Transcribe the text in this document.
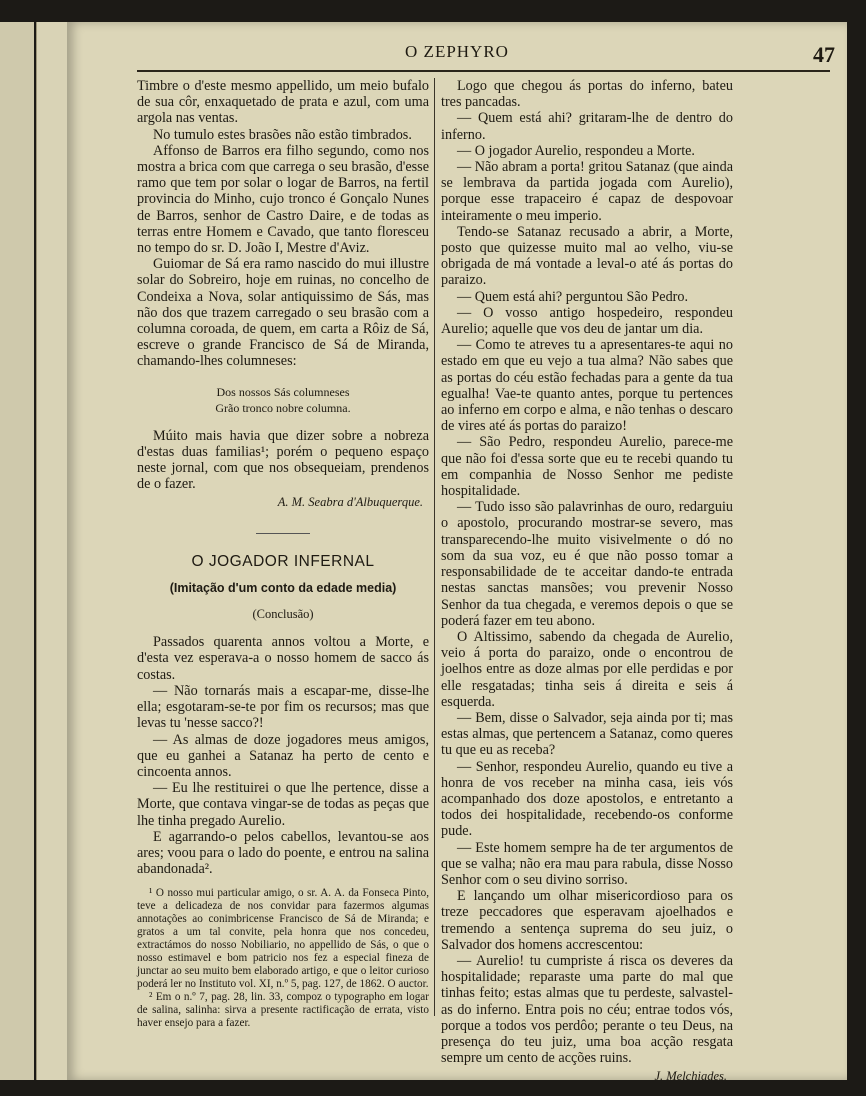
O ZEPHYRO	47

Timbre o d'este mesmo appellido, um meio bufalo de sua côr, enxaquetado de prata e azul, com uma argola nas ventas.

No tumulo estes brasões não estão timbrados.

Affonso de Barros era filho segundo, como nos mostra a brica com que carrega o seu brasão, d'esse ramo que tem por solar o logar de Barros, na fertil provincia do Minho, cujo tronco é Gonçalo Nunes de Barros, senhor de Castro Daire, e de todas as terras entre Homem e Cavado, que tanto floresceu no tempo do sr. D. João I, Mestre d'Aviz.

Guiomar de Sá era ramo nascido do mui illustre solar do Sobreiro, hoje em ruinas, no concelho de Condeixa a Nova, solar antiquissimo de Sás, mas não dos que trazem carregado o seu brasão com a columna coroada, de quem, em carta a Rôiz de Sá, escreve o grande Francisco de Sá de Miranda, chamando-lhes columneses:

Dos nossos Sás columneses
Grão tronco nobre columna.

Múito mais havia que dizer sobre a nobreza d'estas duas familias¹; porém o pequeno espaço neste jornal, com que nos obsequeiam, prendenos de o fazer.

A. M. Seabra d'Albuquerque.
O JOGADOR INFERNAL
(Imitação d'um conto da edade media)
(Conclusão)

Passados quarenta annos voltou a Morte, e d'esta vez esperava-a o nosso homem de sacco ás costas.

— Não tornarás mais a escapar-me, disse-lhe ella; esgotaram-se-te por fim os recursos; mas que levas tu 'nesse sacco?!

— As almas de doze jogadores meus amigos, que eu ganhei a Satanaz ha perto de cento e cincoenta annos.

— Eu lhe restituirei o que lhe pertence, disse a Morte, que contava vingar-se de todas as peças que lhe tinha pregado Aurelio.

E agarrando-o pelos cabellos, levantou-se aos ares; voou para o lado do poente, e entrou na salina abandonada².

¹ O nosso mui particular amigo, o sr. A. A. da Fonseca Pinto, teve a delicadeza de nos convidar para fazermos algumas annotações ao conimbricense Francisco de Sá de Miranda; e gratos a um tal convite, pela honra que nos concedeu, extractámos do nosso Nobiliario, no appellido de Sás, o que o nosso estimavel e bom patricio nos fez a especial fineza de junctar ao seu muito bem elaborado artigo, e que o leitor curioso poderá ler no Instituto vol. XI, n.º 5, pag. 127, de 1862. O auctor.

² Em o n.º 7, pag. 28, lin. 33, compoz o typographo em logar de salina, salinha: sirva a presente ractificação de errata, visto haver ensejo para a fazer.

Logo que chegou ás portas do inferno, bateu tres pancadas.

— Quem está ahi? gritaram-lhe de dentro do inferno.

— O jogador Aurelio, respondeu a Morte.

— Não abram a porta! gritou Satanaz (que ainda se lembrava da partida jogada com Aurelio), porque esse trapaceiro é capaz de despovoar inteiramente o meu imperio.

Tendo-se Satanaz recusado a abrir, a Morte, posto que quizesse muito mal ao velho, viu-se obrigada de má vontade a leval-o até ás portas do paraizo.

— Quem está ahi? perguntou São Pedro.

— O vosso antigo hospedeiro, respondeu Aurelio; aquelle que vos deu de jantar um dia.

— Como te atreves tu a apresentares-te aqui no estado em que eu vejo a tua alma? Não sabes que as portas do céu estão fechadas para a gente da tua egualha! Vae-te quanto antes, porque tu pertences ao inferno em corpo e alma, e não tenhas o descaro de vires até ás portas do paraizo!

— São Pedro, respondeu Aurelio, parece-me que não foi d'essa sorte que eu te recebi quando tu em companhia de Nosso Senhor me pediste hospitalidade.

— Tudo isso são palavrinhas de ouro, redarguiu o apostolo, procurando mostrar-se severo, mas transparecendo-lhe muito visivelmente o dó no som da sua voz, eu é que não posso tomar a responsabilidade de te acceitar dando-te entrada nestas sanctas mansões; vou prevenir Nosso Senhor da tua chegada, e veremos depois o que se poderá fazer em teu abono.

O Altissimo, sabendo da chegada de Aurelio, veio á porta do paraizo, onde o encontrou de joelhos entre as doze almas por elle perdidas e por elle resgatadas; tinha seis á direita e seis á esquerda.

— Bem, disse o Salvador, seja ainda por ti; mas estas almas, que pertencem a Satanaz, como queres tu que eu as receba?

— Senhor, respondeu Aurelio, quando eu tive a honra de vos receber na minha casa, ieis vós acompanhado dos doze apostolos, e entretanto a todos dei hospitalidade, recebendo-os conforme pude.

— Este homem sempre ha de ter argumentos de que se valha; não era mau para rabula, disse Nosso Senhor com o seu divino sorriso.

E lançando um olhar misericordioso para os treze peccadores que esperavam ajoelhados e tremendo a sentença suprema do seu juiz, o Salvador dos homens accrescentou:

— Aurelio! tu cumpriste á risca os deveres da hospitalidade; reparaste uma parte do mal que tinhas feito; estas almas que tu perdeste, salvastel-as do inferno. Entra pois no céu; entrae todos vós, porque a todos vos perdôo; perante o teu Deus, na presença do teu juiz, uma boa acção resgata sempre um cento de acções ruins.

J. Melchiades.
